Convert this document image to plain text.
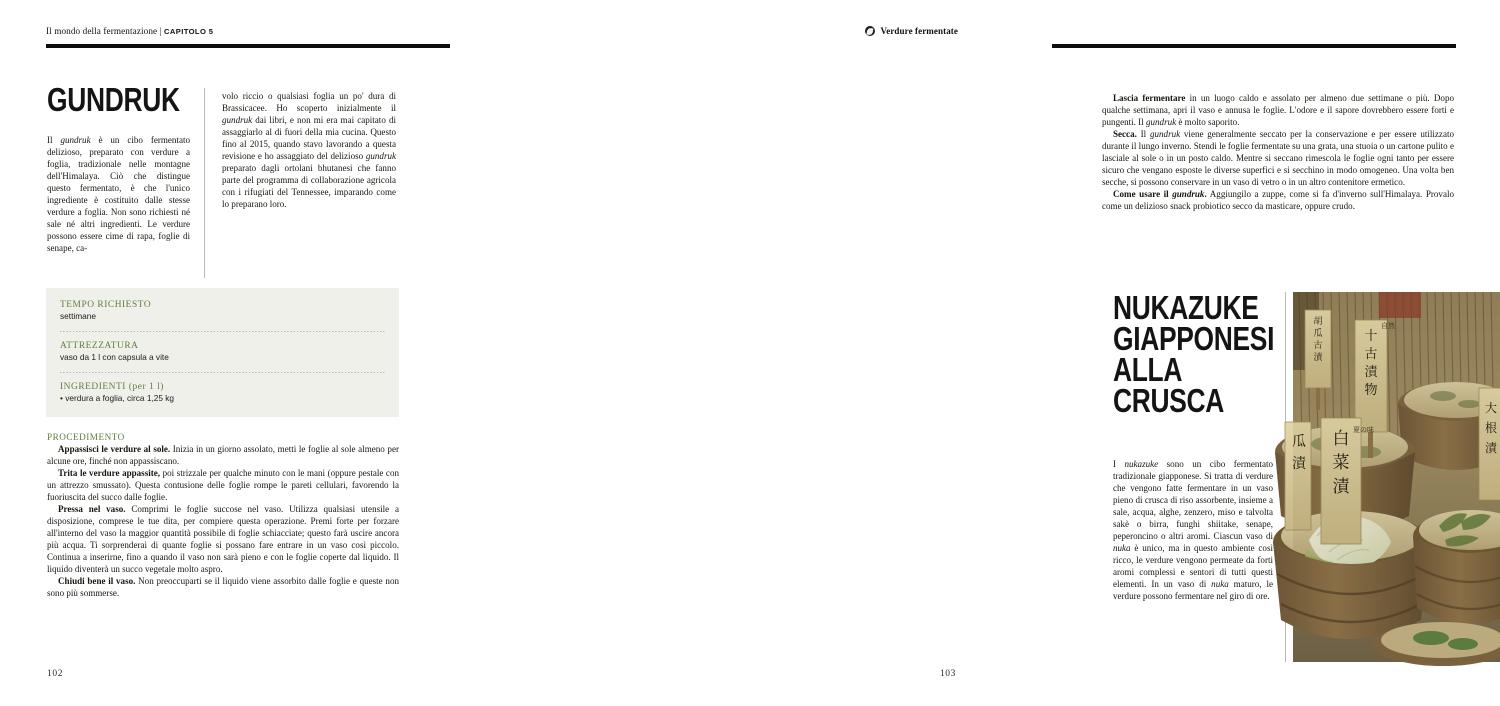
Il mondo della fermentazione | CAPITOLO 5
GUNDRUK
Il gundruk è un cibo fermentato delizioso, preparato con verdure a foglia, tradizionale nelle montagne dell'Himalaya. Ciò che distingue questo fermentato, è che l'unico ingrediente è costituito dalle stesse verdure a foglia. Non sono richiesti né sale né altri ingredienti. Le verdure possono essere cime di rapa, foglie di senape, ca-
volo riccio o qualsiasi foglia un po' dura di Brassicacee. Ho scoperto inizialmente il gundruk dai libri, e non mi era mai capitato di assaggiarlo al di fuori della mia cucina. Questo fino al 2015, quando stavo lavorando a questa revisione e ho assaggiato del delizioso gundruk preparato dagli ortolani bhutanesi che fanno parte del programma di collaborazione agricola con i rifugiati del Tennessee, imparando come lo preparano loro.

TEMPO RICHIESTO

settimane

ATTREZZATURA

vaso da 1 l con capsula a vite

INGREDIENTI (per 1 l)

• verdura a foglia, circa 1,25 kg

PROCEDIMENTO

Appassisci le verdure al sole. Inizia in un giorno assolato, metti le foglie al sole almeno per alcune ore, finché non appassiscano.

Trita le verdure appassite, poi strizzale per qualche minuto con le mani (oppure pestale con un attrezzo smussato). Questa contusione delle foglie rompe le pareti cellulari, favorendo la fuoriuscita del succo dalle foglie.

Pressa nel vaso. Comprimi le foglie succose nel vaso. Utilizza qualsiasi utensile a disposizione, comprese le tue dita, per compiere questa operazione. Premi forte per forzare all'interno del vaso la maggior quantità possibile di foglie schiacciate; questo farà uscire ancora più acqua. Ti sorprenderai di quante foglie si possano fare entrare in un vaso così piccolo. Continua a inserirne, fino a quando il vaso non sarà pieno e con le foglie coperte dal liquido. Il liquido diventerà un succo vegetale molto aspro.

Chiudi bene il vaso. Non preoccuparti se il liquido viene assorbito dalle foglie e queste non sono più sommerse.

102
Verdure fermentate

Lascia fermentare in un luogo caldo e assolato per almeno due settimane o più. Dopo qualche settimana, apri il vaso e annusa le foglie. L'odore e il sapore dovrebbero essere forti e pungenti. Il gundruk è molto saporito.

Secca. Il gundruk viene generalmente seccato per la conservazione e per essere utilizzato durante il lungo inverno. Stendi le foglie fermentate su una grata, una stuoia o un cartone pulito e lasciale al sole o in un posto caldo. Mentre si seccano rimescola le foglie ogni tanto per essere sicuro che vengano esposte le diverse superfici e si secchino in modo omogeneo. Una volta ben secche, si possono conservare in un vaso di vetro o in un altro contenitore ermetico.

Come usare il gundruk. Aggiungilo a zuppe, come si fa d'inverno sull'Himalaya. Provalo come un delizioso snack probiotico secco da masticare, oppure crudo.

NUKAZUKE
GIAPPONESI
ALLA
CRUSCA
I nukazuke sono un cibo fermentato tradizionale giapponese. Si tratta di verdure che vengono fatte fermentare in un vaso pieno di crusca di riso assorbente, insieme a sale, acqua, alghe, zenzero, miso e talvolta sakè o birra, funghi shiitake, senape, peperoncino o altri aromi. Ciascun vaso di nuka è unico, ma in questo ambiente così ricco, le verdure vengono permeate da forti aromi complessi e sentori di tutti questi elementi. In un vaso di nuka maturo, le verdure possono fermentare nel giro di ore.
胡
瓜
古
漬
十
古
漬
物
自然
白
菜
漬
夏の味
瓜
漬
大
根
漬
103
